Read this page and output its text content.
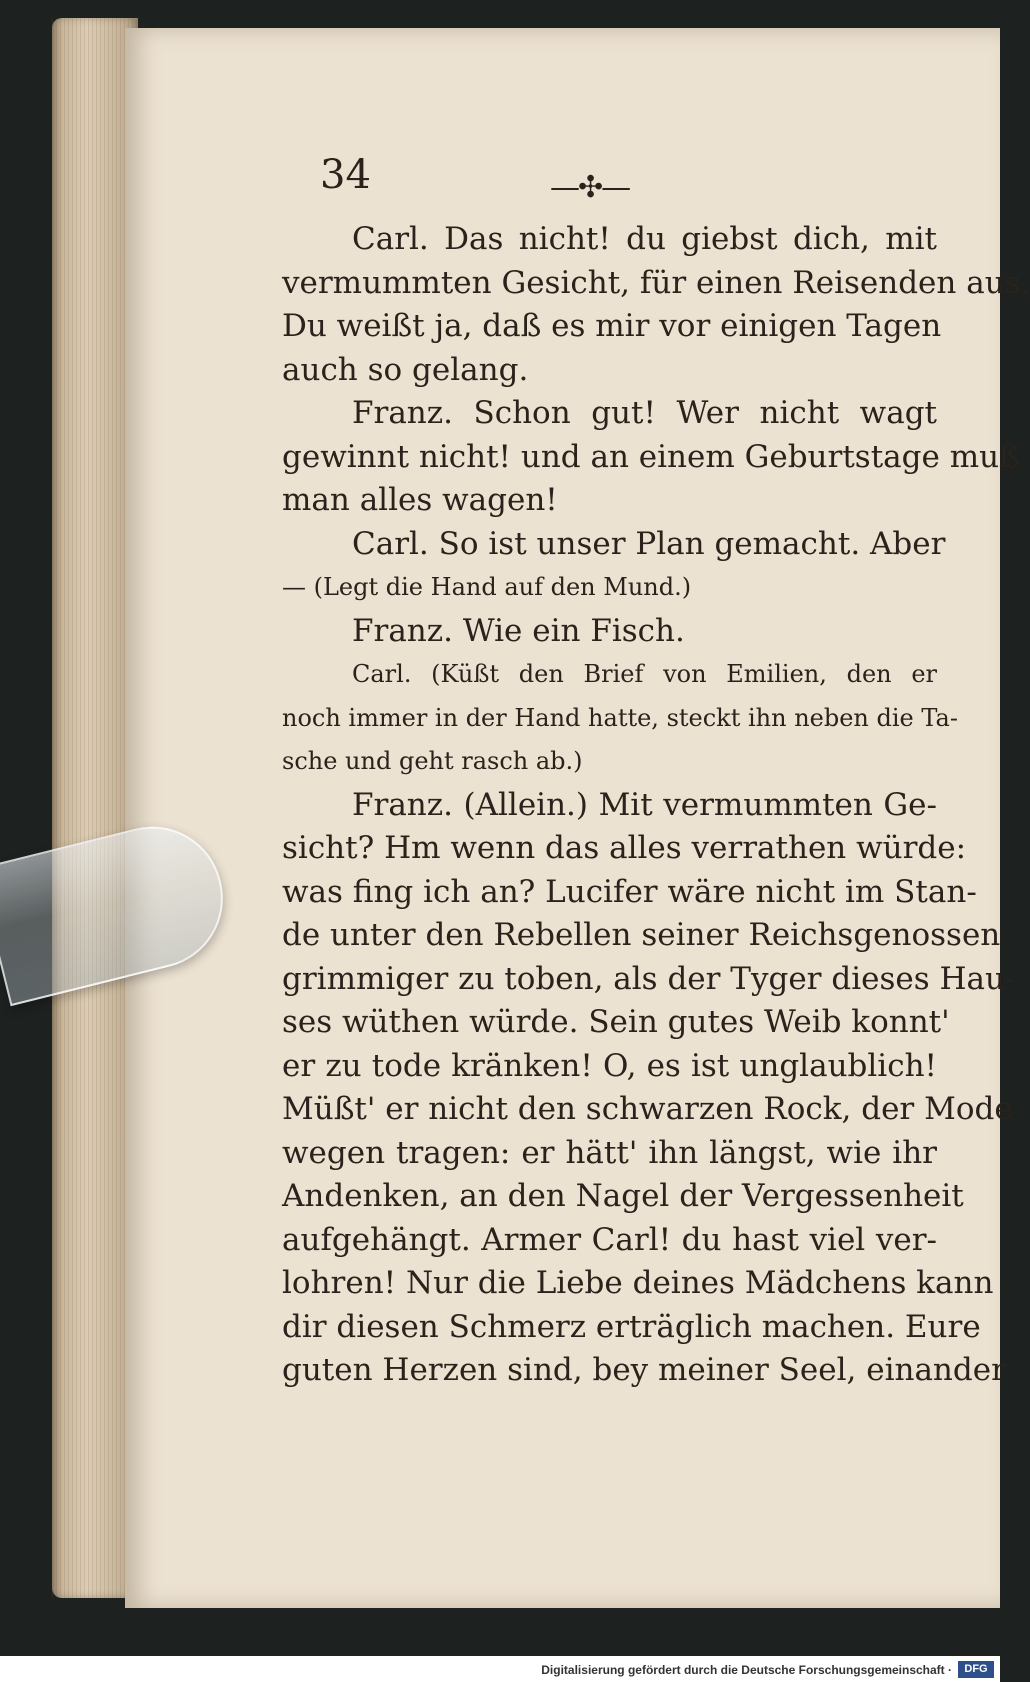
34	—✣—
Carl. Das nicht! du giebst dich, mit
vermummten Gesicht, für einen Reisenden aus.
Du weißt ja, daß es mir vor einigen Tagen
auch so gelang.
Franz. Schon gut! Wer nicht wagt
gewinnt nicht! und an einem Geburtstage muß
man alles wagen!
Carl. So ist unser Plan gemacht. Aber
— (Legt die Hand auf den Mund.)
Franz. Wie ein Fisch.
Carl. (Küßt den Brief von Emilien, den er
noch immer in der Hand hatte, steckt ihn neben die Ta-
sche und geht rasch ab.)
Franz. (Allein.) Mit vermummten Ge-
sicht? Hm wenn das alles verrathen würde:
was fing ich an? Lucifer wäre nicht im Stan-
de unter den Rebellen seiner Reichsgenossen
grimmiger zu toben, als der Tyger dieses Hau-
ses wüthen würde. Sein gutes Weib konnt'
er zu tode kränken! O, es ist unglaublich!
Müßt' er nicht den schwarzen Rock, der Mode
wegen tragen: er hätt' ihn längst, wie ihr
Andenken, an den Nagel der Vergessenheit
aufgehängt. Armer Carl! du hast viel ver-
lohren! Nur die Liebe deines Mädchens kann
dir diesen Schmerz erträglich machen. Eure
guten Herzen sind, bey meiner Seel, einander
Digitalisierung gefördert durch die Deutsche Forschungsgemeinschaft ·	DFG
